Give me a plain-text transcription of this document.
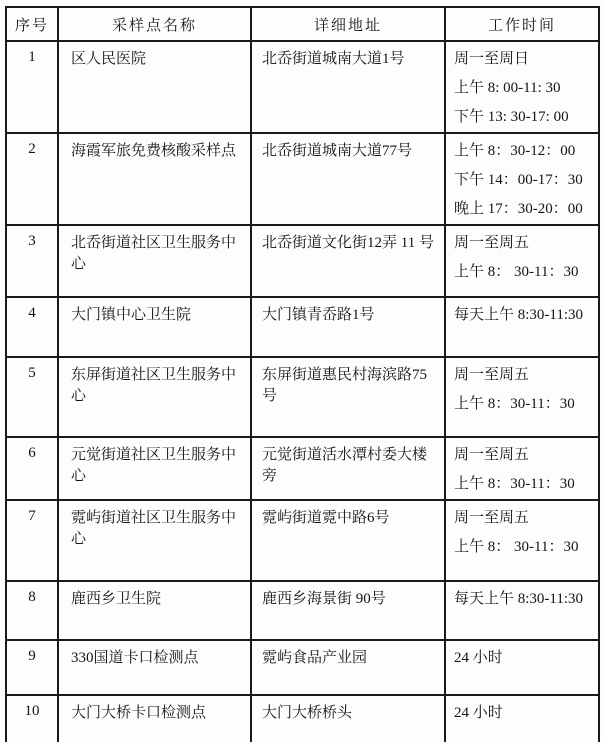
序号	采样点名称	详细地址	工作时间
1	区人民医院	北岙街道城南大道1号	周一至周日
上午 8: 00-11: 30
下午 13: 30-17: 00

2	海霞军旅免费核酸采样点	北岙街道城南大道77号	上午 8：30-12：00
下午 14：00-17：30
晚上 17：30-20：00

3	北岙街道社区卫生服务中心	北岙街道文化街12弄 11 号	周一至周五
上午 8： 30-11：30

4	大门镇中心卫生院	大门镇青岙路1号	每天上午 8:30-11:30

5	东屏街道社区卫生服务中心	东屏街道惠民村海滨路75号	周一至周五
上午 8：30-11：30

6	元觉街道社区卫生服务中心	元觉街道活水潭村委大楼旁	周一至周五
上午 8：30-11：30

7	霓屿街道社区卫生服务中心	霓屿街道霓中路6号	周一至周五
上午 8： 30-11：30

8	鹿西乡卫生院	鹿西乡海景街 90号	每天上午 8:30-11:30

9	330国道卡口检测点	霓屿食品产业园	24 小时

10	大门大桥卡口检测点	大门大桥桥头	24 小时
